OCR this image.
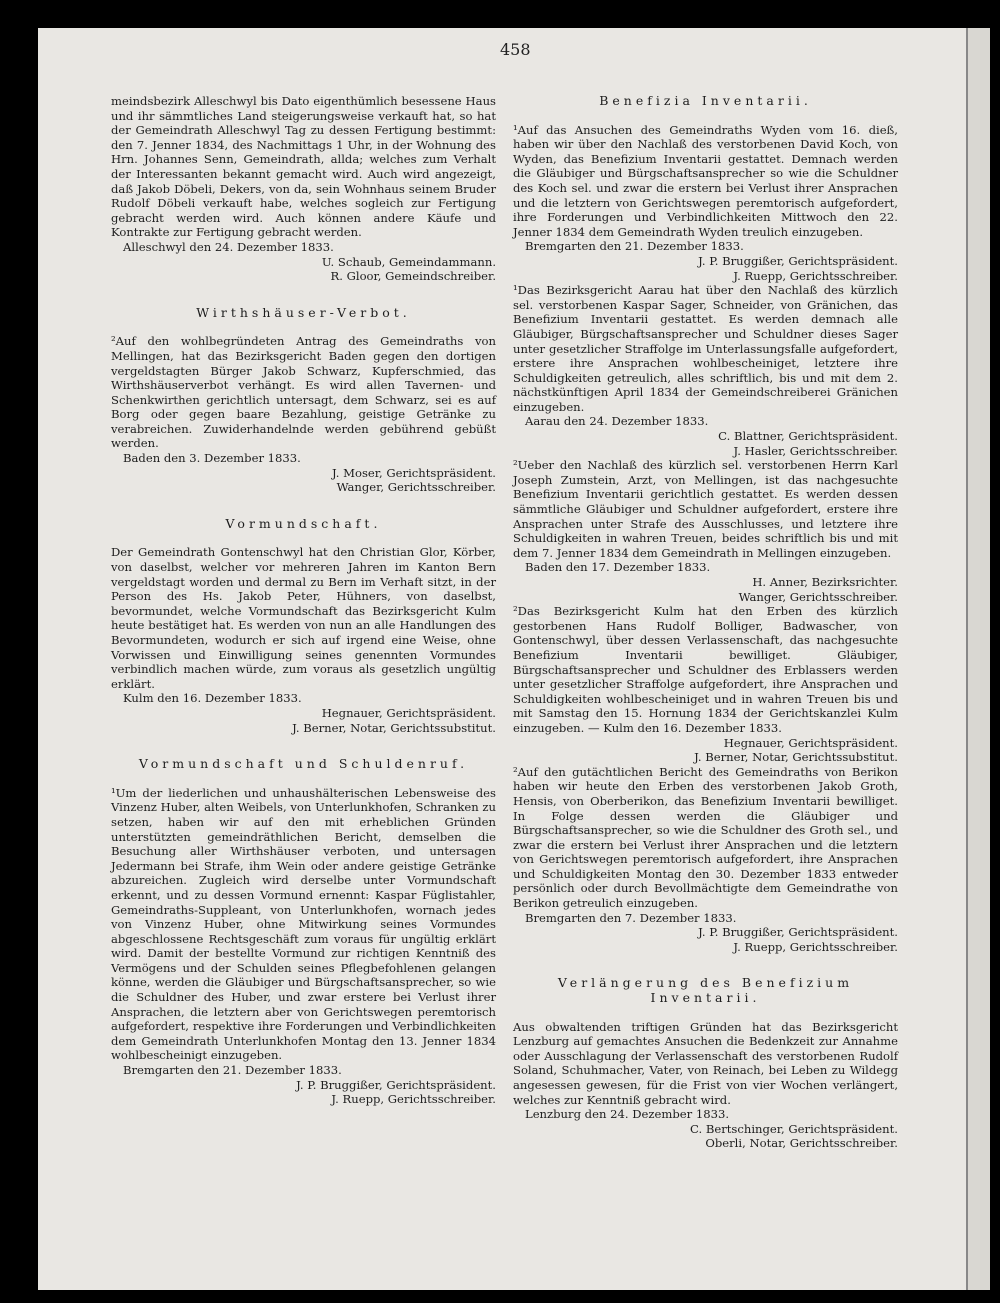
458

meindsbezirk Alleschwyl bis Dato eigenthümlich besessene Haus und ihr sämmtliches Land steigerungsweise verkauft hat, so hat der Gemeindrath Alleschwyl Tag zu dessen Fertigung bestimmt: den 7. Jenner 1834, des Nachmittags 1 Uhr, in der Wohnung des Hrn. Johannes Senn, Gemeindrath, allda; welches zum Verhalt der Interessanten bekannt gemacht wird. Auch wird angezeigt, daß Jakob Döbeli, Dekers, von da, sein Wohnhaus seinem Bruder Rudolf Döbeli verkauft habe, welches sogleich zur Fertigung gebracht werden wird. Auch können andere Käufe und Kontrakte zur Fertigung gebracht werden.

Alleschwyl den 24. Dezember 1833.

U. Schaub, Gemeindammann.

R. Gloor, Gemeindschreiber.

Wirthshäuser-Verbot.

²Auf den wohlbegründeten Antrag des Gemeindraths von Mellingen, hat das Bezirksgericht Baden gegen den dortigen vergeldstagten Bürger Jakob Schwarz, Kupferschmied, das Wirthshäuserverbot verhängt. Es wird allen Tavernen- und Schenkwirthen gerichtlich untersagt, dem Schwarz, sei es auf Borg oder gegen baare Bezahlung, geistige Getränke zu verabreichen. Zuwiderhandelnde werden gebührend gebüßt werden.

Baden den 3. Dezember 1833.

J. Moser, Gerichtspräsident.

Wanger, Gerichtsschreiber.

Vormundschaft.

Der Gemeindrath Gontenschwyl hat den Christian Glor, Körber, von daselbst, welcher vor mehreren Jahren im Kanton Bern vergeldstagt worden und dermal zu Bern im Verhaft sitzt, in der Person des Hs. Jakob Peter, Hühners, von daselbst, bevormundet, welche Vormundschaft das Bezirksgericht Kulm heute bestätiget hat. Es werden von nun an alle Handlungen des Bevormundeten, wodurch er sich auf irgend eine Weise, ohne Vorwissen und Einwilligung seines genennten Vormundes verbindlich machen würde, zum voraus als gesetzlich ungültig erklärt.

Kulm den 16. Dezember 1833.

Hegnauer, Gerichtspräsident.

J. Berner, Notar, Gerichtssubstitut.

Vormundschaft und Schuldenruf.

¹Um der liederlichen und unhaushälterischen Lebensweise des Vinzenz Huber, alten Weibels, von Unterlunkhofen, Schranken zu setzen, haben wir auf den mit erheblichen Gründen unterstützten gemeindräthlichen Bericht, demselben die Besuchung aller Wirthshäuser verboten, und untersagen Jedermann bei Strafe, ihm Wein oder andere geistige Getränke abzureichen. Zugleich wird derselbe unter Vormundschaft erkennt, und zu dessen Vormund ernennt: Kaspar Füglistahler, Gemeindraths-Suppleant, von Unterlunkhofen, wornach jedes von Vinzenz Huber, ohne Mitwirkung seines Vormundes abgeschlossene Rechtsgeschäft zum voraus für ungültig erklärt wird. Damit der bestellte Vormund zur richtigen Kenntniß des Vermögens und der Schulden seines Pflegbefohlenen gelangen könne, werden die Gläubiger und Bürgschaftsansprecher, so wie die Schuldner des Huber, und zwar erstere bei Verlust ihrer Ansprachen, die letztern aber von Gerichtswegen peremtorisch aufgefordert, respektive ihre Forderungen und Verbindlichkeiten dem Gemeindrath Unterlunkhofen Montag den 13. Jenner 1834 wohlbescheinigt einzugeben.

Bremgarten den 21. Dezember 1833.

J. P. Bruggißer, Gerichtspräsident.

J. Ruepp, Gerichtsschreiber.

Benefizia Inventarii.

¹Auf das Ansuchen des Gemeindraths Wyden vom 16. dieß, haben wir über den Nachlaß des verstorbenen David Koch, von Wyden, das Benefizium Inventarii gestattet. Demnach werden die Gläubiger und Bürgschaftsansprecher so wie die Schuldner des Koch sel. und zwar die erstern bei Verlust ihrer Ansprachen und die letztern von Gerichtswegen peremtorisch aufgefordert, ihre Forderungen und Verbindlichkeiten Mittwoch den 22. Jenner 1834 dem Gemeindrath Wyden treulich einzugeben.

Bremgarten den 21. Dezember 1833.

J. P. Bruggißer, Gerichtspräsident.

J. Ruepp, Gerichtsschreiber.

¹Das Bezirksgericht Aarau hat über den Nachlaß des kürzlich sel. verstorbenen Kaspar Sager, Schneider, von Gränichen, das Benefizium Inventarii gestattet. Es werden demnach alle Gläubiger, Bürgschaftsansprecher und Schuldner dieses Sager unter gesetzlicher Straffolge im Unterlassungsfalle aufgefordert, erstere ihre Ansprachen wohlbescheiniget, letztere ihre Schuldigkeiten getreulich, alles schriftlich, bis und mit dem 2. nächstkünftigen April 1834 der Gemeindschreiberei Gränichen einzugeben.

Aarau den 24. Dezember 1833.

C. Blattner, Gerichtspräsident.

J. Hasler, Gerichtsschreiber.

²Ueber den Nachlaß des kürzlich sel. verstorbenen Herrn Karl Joseph Zumstein, Arzt, von Mellingen, ist das nachgesuchte Benefizium Inventarii gerichtlich gestattet. Es werden dessen sämmtliche Gläubiger und Schuldner aufgefordert, erstere ihre Ansprachen unter Strafe des Ausschlusses, und letztere ihre Schuldigkeiten in wahren Treuen, beides schriftlich bis und mit dem 7. Jenner 1834 dem Gemeindrath in Mellingen einzugeben.

Baden den 17. Dezember 1833.

H. Anner, Bezirksrichter.

Wanger, Gerichtsschreiber.

²Das Bezirksgericht Kulm hat den Erben des kürzlich gestorbenen Hans Rudolf Bolliger, Badwascher, von Gontenschwyl, über dessen Verlassenschaft, das nachgesuchte Benefizium Inventarii bewilliget. Gläubiger, Bürgschaftsansprecher und Schuldner des Erblassers werden unter gesetzlicher Straffolge aufgefordert, ihre Ansprachen und Schuldigkeiten wohlbescheiniget und in wahren Treuen bis und mit Samstag den 15. Hornung 1834 der Gerichtskanzlei Kulm einzugeben. — Kulm den 16. Dezember 1833.

Hegnauer, Gerichtspräsident.

J. Berner, Notar, Gerichtssubstitut.

²Auf den gutächtlichen Bericht des Gemeindraths von Berikon haben wir heute den Erben des verstorbenen Jakob Groth, Hensis, von Oberberikon, das Benefizium Inventarii bewilliget. In Folge dessen werden die Gläubiger und Bürgschaftsansprecher, so wie die Schuldner des Groth sel., und zwar die erstern bei Verlust ihrer Ansprachen und die letztern von Gerichtswegen peremtorisch aufgefordert, ihre Ansprachen und Schuldigkeiten Montag den 30. Dezember 1833 entweder persönlich oder durch Bevollmächtigte dem Gemeindrathe von Berikon getreulich einzugeben.

Bremgarten den 7. Dezember 1833.

J. P. Bruggißer, Gerichtspräsident.

J. Ruepp, Gerichtsschreiber.

Verlängerung des Benefizium Inventarii.

Aus obwaltenden triftigen Gründen hat das Bezirksgericht Lenzburg auf gemachtes Ansuchen die Bedenkzeit zur Annahme oder Ausschlagung der Verlassenschaft des verstorbenen Rudolf Soland, Schuhmacher, Vater, von Reinach, bei Leben zu Wildegg angesessen gewesen, für die Frist von vier Wochen verlängert, welches zur Kenntniß gebracht wird.

Lenzburg den 24. Dezember 1833.

C. Bertschinger, Gerichtspräsident.

Oberli, Notar, Gerichtsschreiber.
